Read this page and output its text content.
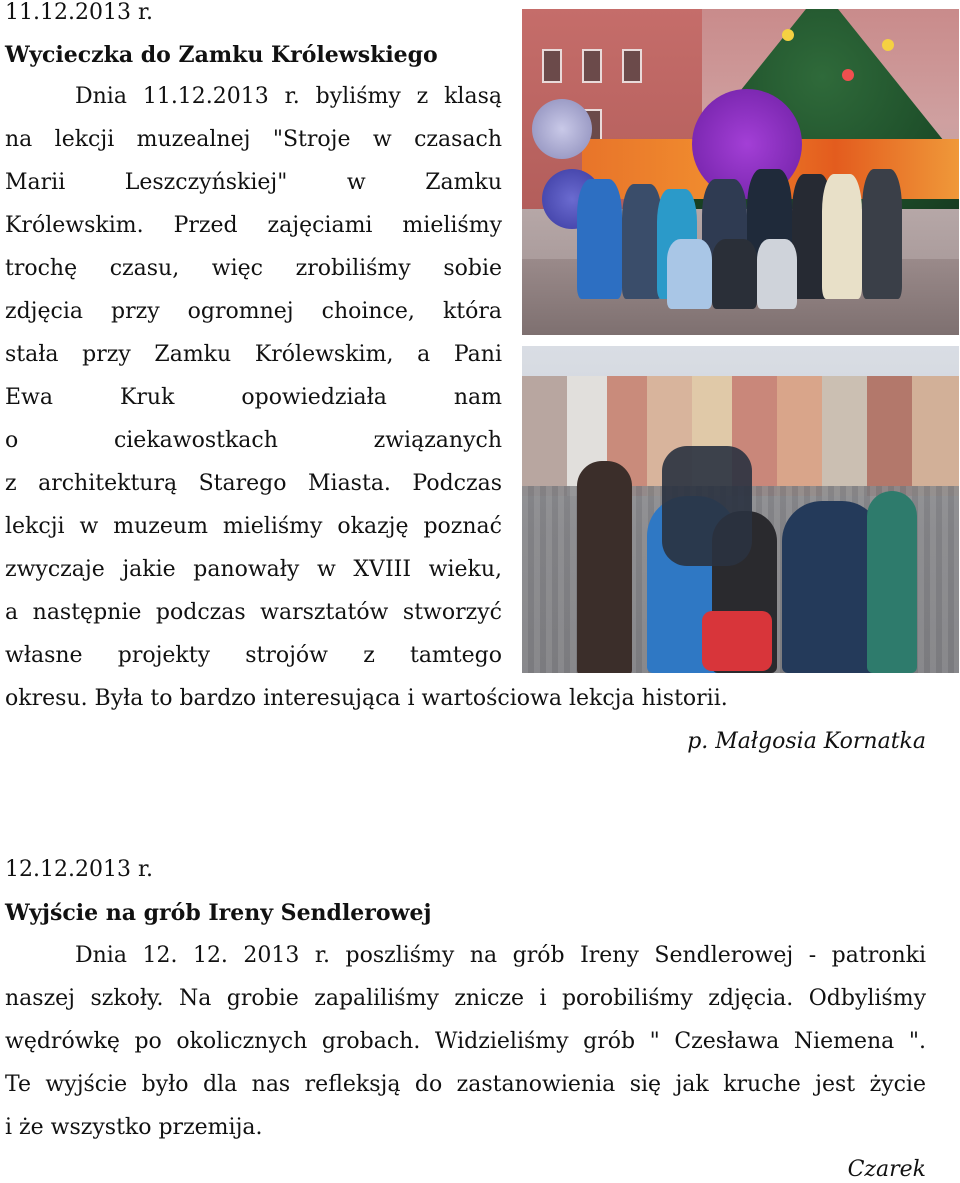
11.12.2013 r.
Wycieczka do Zamku Królewskiego
Dnia 11.12.2013 r. byliśmy z klasą
na lekcji muzealnej "Stroje w czasach
Marii Leszczyńskiej" w Zamku
Królewskim. Przed zajęciami mieliśmy
trochę czasu, więc zrobiliśmy sobie
zdjęcia przy ogromnej choince, która
stała przy Zamku Królewskim, a Pani
Ewa Kruk opowiedziała nam
o ciekawostkach związanych
z architekturą Starego Miasta. Podczas
lekcji w muzeum mieliśmy okazję poznać
zwyczaje jakie panowały w XVIII wieku,
a następnie podczas warsztatów stworzyć
własne projekty strojów z tamtego
okresu. Była to bardzo interesująca i wartościowa lekcja historii.
p. Małgosia Kornatka
12.12.2013 r.
Wyjście na grób Ireny Sendlerowej
Dnia 12. 12. 2013 r. poszliśmy na grób Ireny Sendlerowej - patronki
naszej szkoły. Na grobie zapaliliśmy znicze i porobiliśmy zdjęcia. Odbyliśmy
wędrówkę po okolicznych grobach. Widzieliśmy grób " Czesława Niemena ".
Te wyjście było dla nas refleksją do zastanowienia się jak kruche jest życie
i że wszystko przemija.
Czarek
